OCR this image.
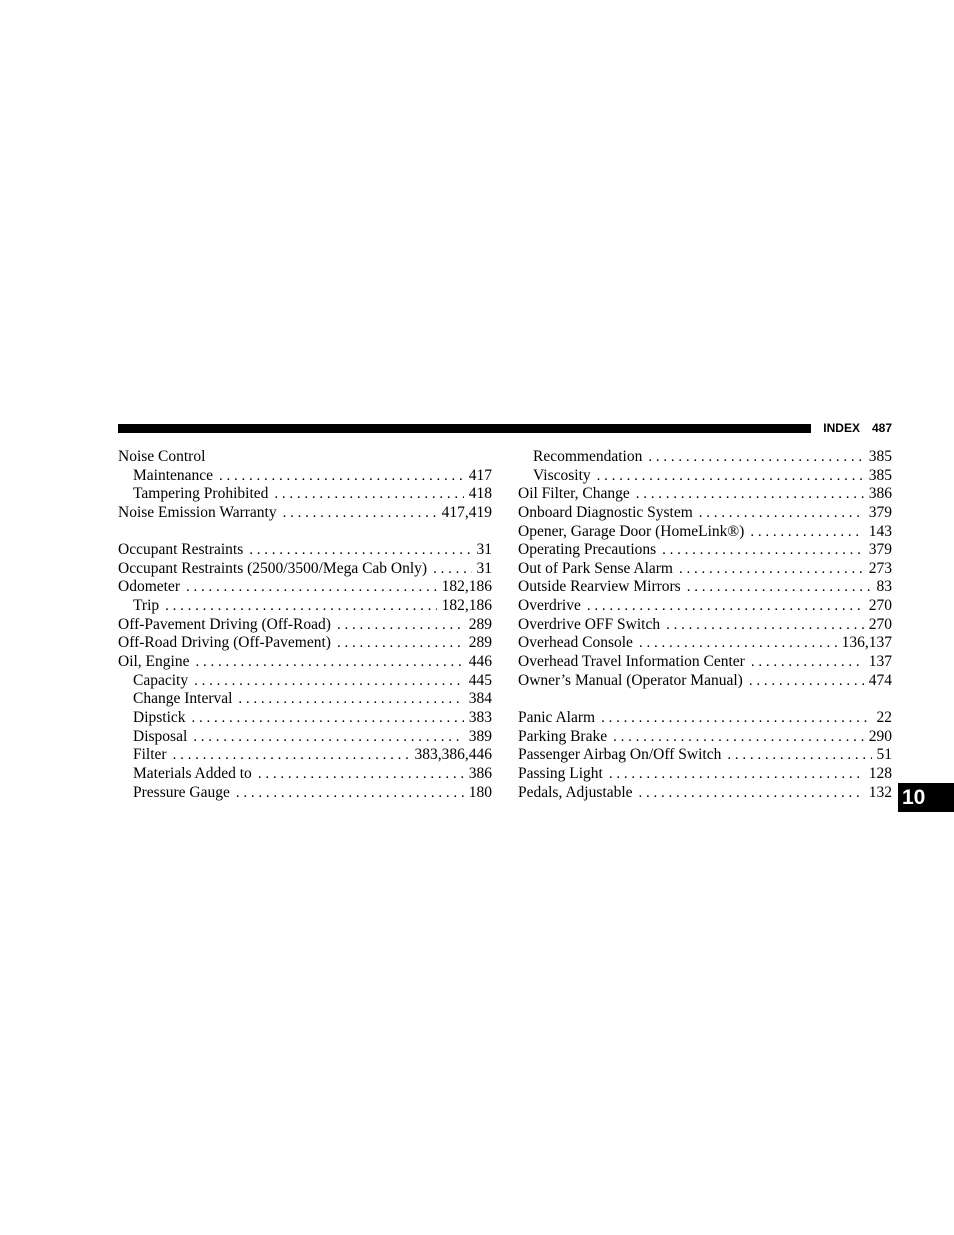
INDEX 487
Noise Control
Maintenance . . .	417
Tampering Prohibited . . .	418
Noise Emission Warranty . . .	417,419
Occupant Restraints . . .	31
Occupant Restraints (2500/3500/Mega Cab Only) . . .	31
Odometer . . .	182,186
Trip . . .	182,186
Off-Pavement Driving (Off-Road) . . .	289
Off-Road Driving (Off-Pavement) . . .	289
Oil, Engine . . .	446
Capacity . . .	445
Change Interval . . .	384
Dipstick . . .	383
Disposal . . .	389
Filter . . .	383,386,446
Materials Added to . . .	386
Pressure Gauge . . .	180
Recommendation . . .	385
Viscosity . . .	385
Oil Filter, Change . . .	386
Onboard Diagnostic System . . .	379
Opener, Garage Door (HomeLink®) . . .	143
Operating Precautions . . .	379
Out of Park Sense Alarm . . .	273
Outside Rearview Mirrors . . .	83
Overdrive . . .	270
Overdrive OFF Switch . . .	270
Overhead Console . . .	136,137
Overhead Travel Information Center . . .	137
Owner’s Manual (Operator Manual) . . .	474
Panic Alarm . . .	22
Parking Brake . . .	290
Passenger Airbag On/Off Switch . . .	51
Passing Light . . .	128
Pedals, Adjustable . . .	132 10
